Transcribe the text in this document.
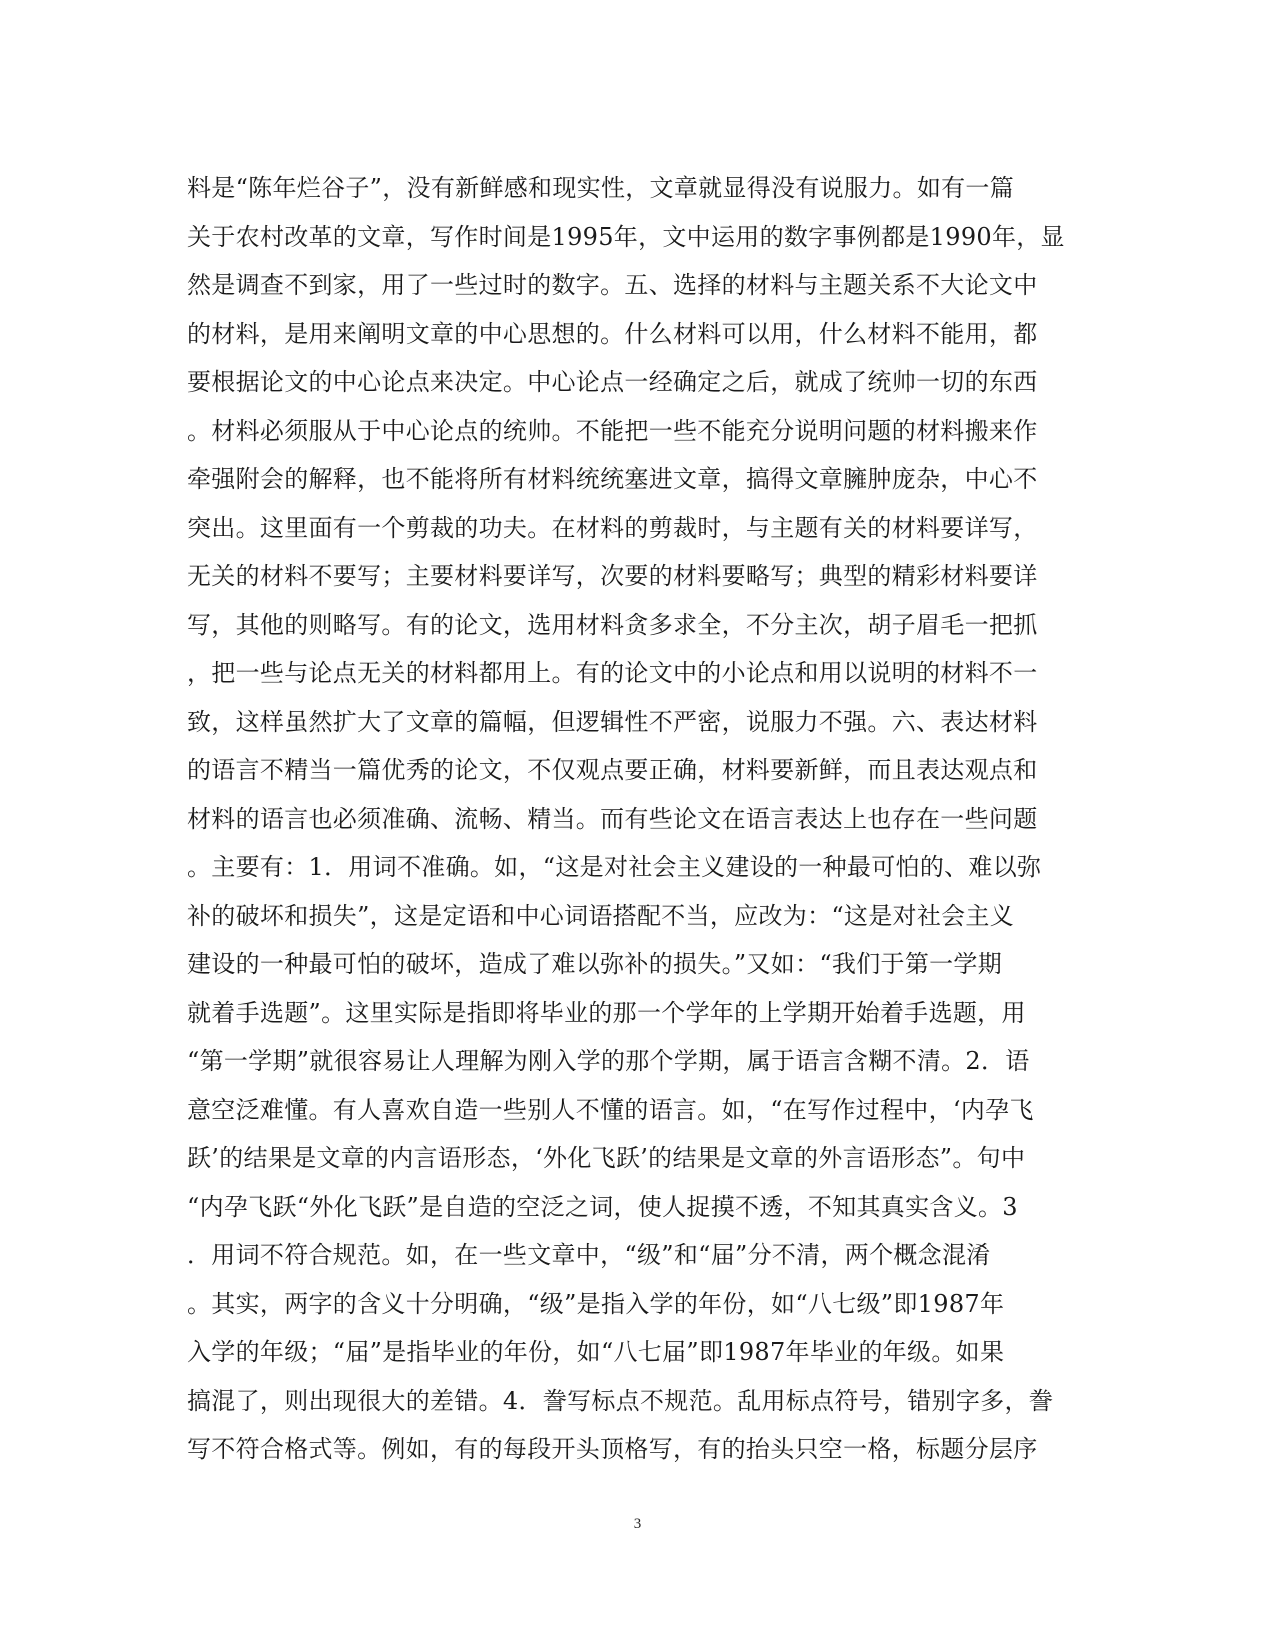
料是“陈年烂谷子”，没有新鲜感和现实性，文章就显得没有说服力。如有一篇
关于农村改革的文章，写作时间是1995年，文中运用的数字事例都是1990年，显
然是调查不到家，用了一些过时的数字。五、选择的材料与主题关系不大论文中
的材料，是用来阐明文章的中心思想的。什么材料可以用，什么材料不能用，都
要根据论文的中心论点来决定。中心论点一经确定之后，就成了统帅一切的东西
。材料必须服从于中心论点的统帅。不能把一些不能充分说明问题的材料搬来作
牵强附会的解释，也不能将所有材料统统塞进文章，搞得文章臃肿庞杂，中心不
突出。这里面有一个剪裁的功夫。在材料的剪裁时，与主题有关的材料要详写，
无关的材料不要写；主要材料要详写，次要的材料要略写；典型的精彩材料要详
写，其他的则略写。有的论文，选用材料贪多求全，不分主次，胡子眉毛一把抓
，把一些与论点无关的材料都用上。有的论文中的小论点和用以说明的材料不一
致，这样虽然扩大了文章的篇幅，但逻辑性不严密，说服力不强。六、表达材料
的语言不精当一篇优秀的论文，不仅观点要正确，材料要新鲜，而且表达观点和
材料的语言也必须准确、流畅、精当。而有些论文在语言表达上也存在一些问题
。主要有：1．用词不准确。如，“这是对社会主义建设的一种最可怕的、难以弥
补的破坏和损失”，这是定语和中心词语搭配不当，应改为：“这是对社会主义
建设的一种最可怕的破坏，造成了难以弥补的损失。”又如：“我们于第一学期
就着手选题”。这里实际是指即将毕业的那一个学年的上学期开始着手选题，用
“第一学期”就很容易让人理解为刚入学的那个学期，属于语言含糊不清。2．语
意空泛难懂。有人喜欢自造一些别人不懂的语言。如，“在写作过程中，‘内孕飞
跃’的结果是文章的内言语形态，‘外化飞跃’的结果是文章的外言语形态”。句中
“内孕飞跃“外化飞跃”是自造的空泛之词，使人捉摸不透，不知其真实含义。3
．用词不符合规范。如，在一些文章中，“级”和“届”分不清，两个概念混淆
。其实，两字的含义十分明确，“级”是指入学的年份，如“八七级”即1987年
入学的年级；“届”是指毕业的年份，如“八七届”即1987年毕业的年级。如果
搞混了，则出现很大的差错。4．誊写标点不规范。乱用标点符号，错别字多，誊
写不符合格式等。例如，有的每段开头顶格写，有的抬头只空一格，标题分层序
3
